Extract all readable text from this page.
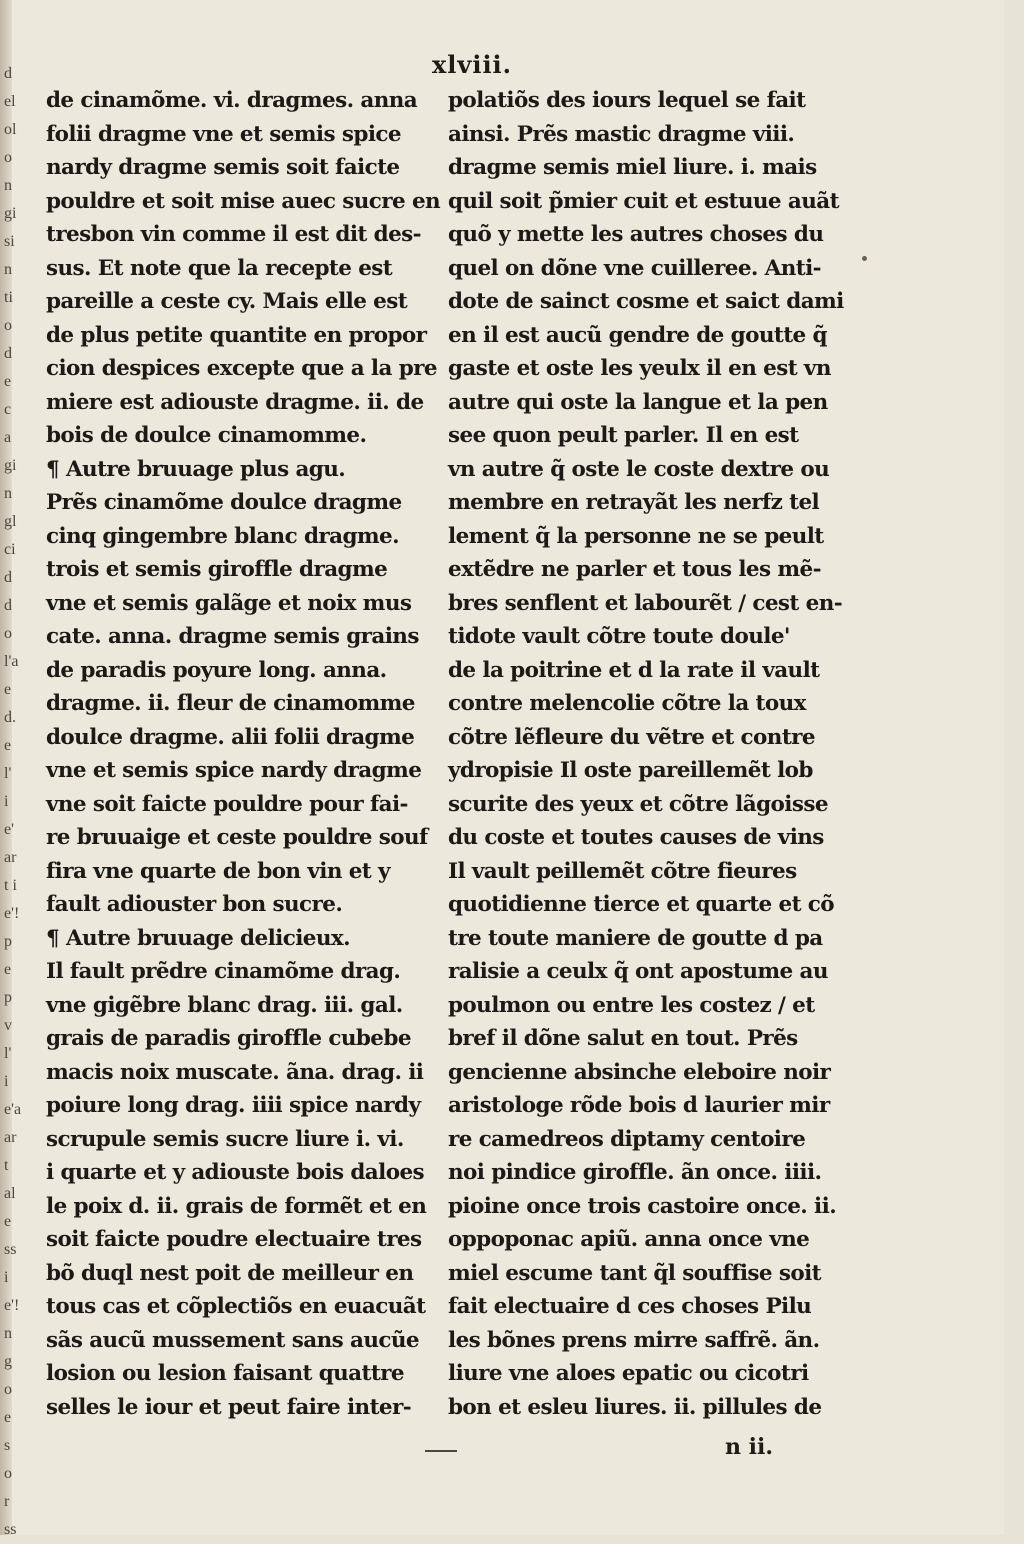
d el olo ngi sin tio dec agi ngl cid do l'a ed. e l' ie' art ie'! pe p v l' ie'a art ale ss ie'! ngo e so r ss
xlviii.
de cinamõme. vi. dragmes. anna
folii dragme vne et semis spice
nardy dragme semis soit faicte
pouldre et soit mise auec sucre en
tresbon vin comme il est dit des-
sus. Et note que la recepte est
pareille a ceste cy. Mais elle est
de plus petite quantite en propor
cion despices excepte que a la pre
miere est adiouste dragme. ii. de
bois de doulce cinamomme.
¶ Autre bruuage plus agu.
Prẽs cinamõme doulce dragme
cinq gingembre blanc dragme.
trois et semis giroffle dragme
vne et semis galãge et noix mus
cate. anna. dragme semis grains
de paradis poyure long. anna.
dragme. ii. fleur de cinamomme
doulce dragme. alii folii dragme
vne et semis spice nardy dragme
vne soit faicte pouldre pour fai-
re bruuaige et ceste pouldre souf
fira vne quarte de bon vin et y
fault adiouster bon sucre.
¶ Autre bruuage delicieux.
Il fault prẽdre cinamõme drag.
vne gigẽbre blanc drag. iii. gal.
grais de paradis giroffle cubebe
macis noix muscate. ãna. drag. ii
poiure long drag. iiii spice nardy
scrupule semis sucre liure i. vi.
i quarte et y adiouste bois daloes
le poix d. ii. grais de formẽt et en
soit faicte poudre electuaire tres
bõ duql nest poit de meilleur en
tous cas et cõplectiõs en euacuãt
sãs aucũ mussement sans aucũe
losion ou lesion faisant quattre
selles le iour et peut faire inter-
polatiõs des iours lequel se fait
ainsi. Prẽs mastic dragme viii.
dragme semis miel liure. i. mais
quil soit p̃mier cuit et estuue auãt
quõ y mette les autres choses du
quel on dõne vne cuilleree. Anti-
dote de sainct cosme et saict dami
en il est aucũ gendre de goutte q̃
gaste et oste les yeulx il en est vn
autre qui oste la langue et la pen
see quon peult parler. Il en est
vn autre q̃ oste le coste dextre ou
membre en retrayãt les nerfz tel
lement q̃ la personne ne se peult
extẽdre ne parler et tous les mẽ-
bres senflent et labourẽt / cest en-
tidote vault cõtre toute doule'
de la poitrine et d la rate il vault
contre melencolie cõtre la toux
cõtre lẽfleure du vẽtre et contre
ydropisie Il oste pareillemẽt lob
scurite des yeux et cõtre lãgoisse
du coste et toutes causes de vins
Il vault peillemẽt cõtre fieures
quotidienne tierce et quarte et cõ
tre toute maniere de goutte d pa
ralisie a ceulx q̃ ont apostume au
poulmon ou entre les costez / et
bref il dõne salut en tout. Prẽs
gencienne absinche eleboire noir
aristologe rõde bois d laurier mir
re camedreos diptamy centoire
noi pindice giroffle. ãn once. iiii.
pioine once trois castoire once. ii.
oppoponac apiũ. anna once vne
miel escume tant q̃l souffise soit
fait electuaire d ces choses Pilu
les bõnes prens mirre saffrẽ. ãn.
liure vne aloes epatic ou cicotri
bon et esleu liures. ii. pillules de
n ii.
